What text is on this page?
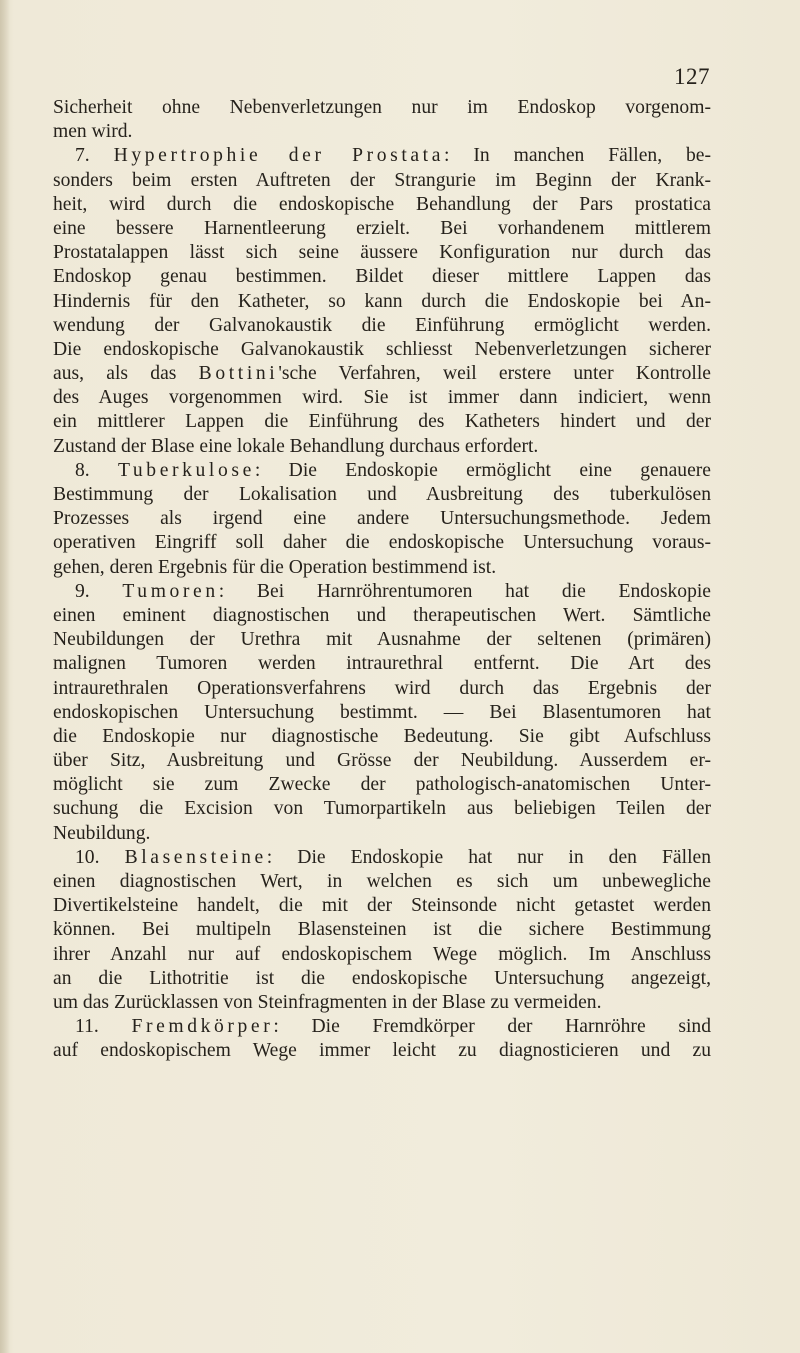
127
Sicherheit ohne Nebenverletzungen nur im Endoskop vorgenom-
men wird.
7. Hypertrophie der Prostata: In manchen Fällen, be-
sonders beim ersten Auftreten der Strangurie im Beginn der Krank-
heit, wird durch die endoskopische Behandlung der Pars prostatica
eine bessere Harnentleerung erzielt. Bei vorhandenem mittlerem
Prostatalappen lässt sich seine äussere Konfiguration nur durch das
Endoskop genau bestimmen. Bildet dieser mittlere Lappen das
Hindernis für den Katheter, so kann durch die Endoskopie bei An-
wendung der Galvanokaustik die Einführung ermöglicht werden.
Die endoskopische Galvanokaustik schliesst Nebenverletzungen sicherer
aus, als das Bottini'sche Verfahren, weil erstere unter Kontrolle
des Auges vorgenommen wird. Sie ist immer dann indiciert, wenn
ein mittlerer Lappen die Einführung des Katheters hindert und der
Zustand der Blase eine lokale Behandlung durchaus erfordert.
8. Tuberkulose: Die Endoskopie ermöglicht eine genauere
Bestimmung der Lokalisation und Ausbreitung des tuberkulösen
Prozesses als irgend eine andere Untersuchungsmethode. Jedem
operativen Eingriff soll daher die endoskopische Untersuchung voraus-
gehen, deren Ergebnis für die Operation bestimmend ist.
9. Tumoren: Bei Harnröhrentumoren hat die Endoskopie
einen eminent diagnostischen und therapeutischen Wert. Sämtliche
Neubildungen der Urethra mit Ausnahme der seltenen (primären)
malignen Tumoren werden intraurethral entfernt. Die Art des
intraurethralen Operationsverfahrens wird durch das Ergebnis der
endoskopischen Untersuchung bestimmt. — Bei Blasentumoren hat
die Endoskopie nur diagnostische Bedeutung. Sie gibt Aufschluss
über Sitz, Ausbreitung und Grösse der Neubildung. Ausserdem er-
möglicht sie zum Zwecke der pathologisch-anatomischen Unter-
suchung die Excision von Tumorpartikeln aus beliebigen Teilen der
Neubildung.
10. Blasensteine: Die Endoskopie hat nur in den Fällen
einen diagnostischen Wert, in welchen es sich um unbewegliche
Divertikelsteine handelt, die mit der Steinsonde nicht getastet werden
können. Bei multipeln Blasensteinen ist die sichere Bestimmung
ihrer Anzahl nur auf endoskopischem Wege möglich. Im Anschluss
an die Lithotritie ist die endoskopische Untersuchung angezeigt,
um das Zurücklassen von Steinfragmenten in der Blase zu vermeiden.
11. Fremdkörper: Die Fremdkörper der Harnröhre sind
auf endoskopischem Wege immer leicht zu diagnosticieren und zu
